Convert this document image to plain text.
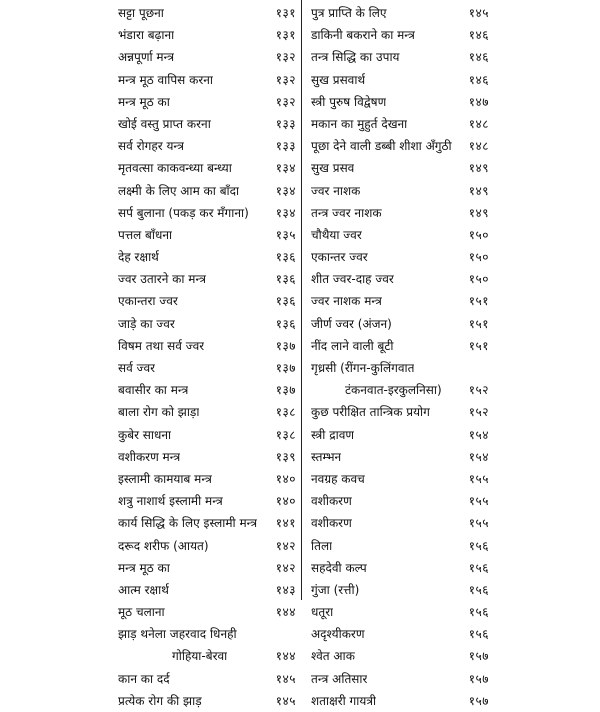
सट्टा पूछना	१३१
भंडारा बढ़ाना	१३१
अन्नपूर्णा मन्त्र	१३२
मन्त्र मूठ वापिस करना	१३२
मन्त्र मूठ का	१३२
खोई वस्तु प्राप्त करना	१३३
सर्व रोगहर यन्त्र	१३३
मृतवत्सा काकवन्ध्या बन्ध्या	१३४
लक्ष्मी के लिए आम का बाँदा	१३४
सर्प बुलाना (पकड़ कर मँगाना) १३४
पत्तल बाँधना	१३५
देह रक्षार्थ	१३६
ज्वर उतारने का मन्त्र	१३६
एकान्तरा ज्वर	१३६
जाड़े का ज्वर	१३६
विषम तथा सर्व ज्वर	१३७
सर्व ज्वर	१३७
बवासीर का मन्त्र	१३७
बाला रोग को झाड़ा	१३८
कुबेर साधना	१३८
वशीकरण मन्त्र	१३९
इस्लामी कामयाब मन्त्र	१४०
शत्रु नाशार्थ इस्लामी मन्त्र	१४०
कार्य सिद्धि के लिए इस्लामी मन्त्र १४१
दरूद शरीफ (आयत)	१४२
मन्त्र मूठ का	१४२
आत्म रक्षार्थ	१४३
मूठ चलाना	१४४
झाड़ थनेला जहरवाद धिनही
गोहिया-बेरवा	१४४
कान का दर्द	१४५
प्रत्येक रोग की झाड़	१४५
पुत्र प्राप्ति के लिए	१४५
डाकिनी बकराने का मन्त्र	१४६
तन्त्र सिद्धि का उपाय	१४६
सुख प्रसवार्थ	१४६
स्त्री पुरुष विद्वेषण	१४७
मकान का मुहुर्त देखना	१४८
पूछा देने वाली डब्बी शीशा अँगुठी १४८
सुख प्रसव	१४९
ज्वर नाशक	१४९
तन्त्र ज्वर नाशक	१४९
चौथैया ज्वर	१५०
एकान्तर ज्वर	१५०
शीत ज्वर-दाह ज्वर	१५०
ज्वर नाशक मन्त्र	१५१
जीर्ण ज्वर (अंजन)	१५१
नींद लाने वाली बूटी	१५१
गृध्रसी (रींगन-कुलिंगवात
टंकनवात-इरकुलनिसा) १५२
कुछ परीक्षित तान्त्रिक प्रयोग	१५२
स्त्री द्रावण	१५४
स्तम्भन	१५४
नवग्रह कवच	१५५
वशीकरण	१५५
वशीकरण	१५५
तिला	१५६
सहदेवी कल्प	१५६
गुंजा (रत्ती)	१५६
धतूरा	१५६
अदृश्यीकरण	१५६
श्वेत आक	१५७
तन्त्र अतिसार	१५७
शताक्षरी गायत्री	१५७
